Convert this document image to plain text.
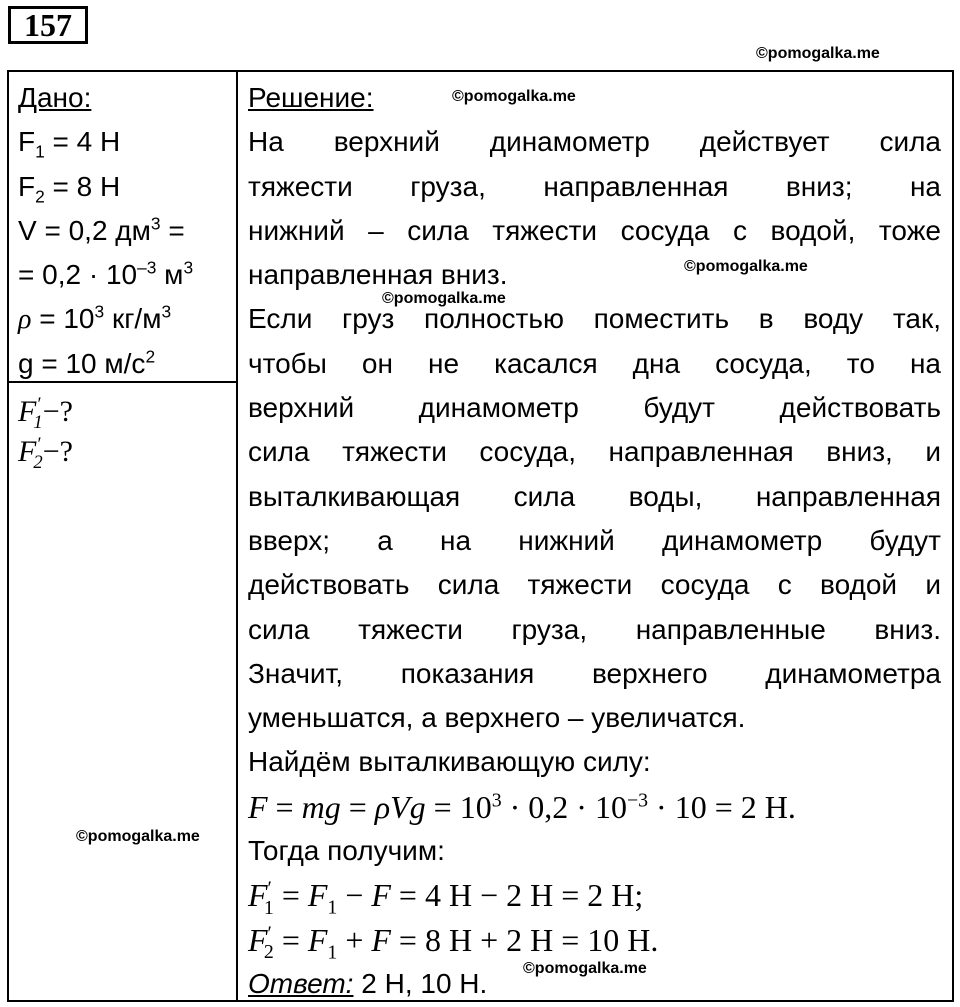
157
©pomogalka.me
©pomogalka.me
©pomogalka.me
©pomogalka.me
©pomogalka.me
©pomogalka.me
Дано:
$F_1 = 4$ Н
$F_2 = 8$ Н
V = 0,2 $дм^3$ =
= $0,2 \cdot 10^{-3}$ $м^3$
$\rho = 10^3$ $кг/м^3$
g = 10 $м/с^2$
$F'_1-$?
$F'_2-$?
Решение:
На верхний динамометр действует сила
тяжести груза, направленная вниз; на
нижний – сила тяжести сосуда с водой, тоже
направленная вниз.
Если груз полностью поместить в воду так,
чтобы он не касался дна сосуда, то на
верхний динамометр будут действовать
сила тяжести сосуда, направленная вниз, и
выталкивающая сила воды, направленная
вверх; а на нижний динамометр будут
действовать сила тяжести сосуда с водой и
сила тяжести груза, направленные вниз.
Значит, показания верхнего динамометра
уменьшатся, а верхнего – увеличатся.
Найдём выталкивающую силу:
F = mg = $\rho Vg = 10^3 \cdot 0,2 \cdot 10^{-3} \cdot 10 = 2$ Н.
Тогда получим:
$F'_1 = F_1 - F = 4$ Н − 2 Н = 2 Н;
$F'_2 = F_1 + F = 8$ Н + 2 Н = 10 Н.
Ответ: 2 Н, 10 Н.
